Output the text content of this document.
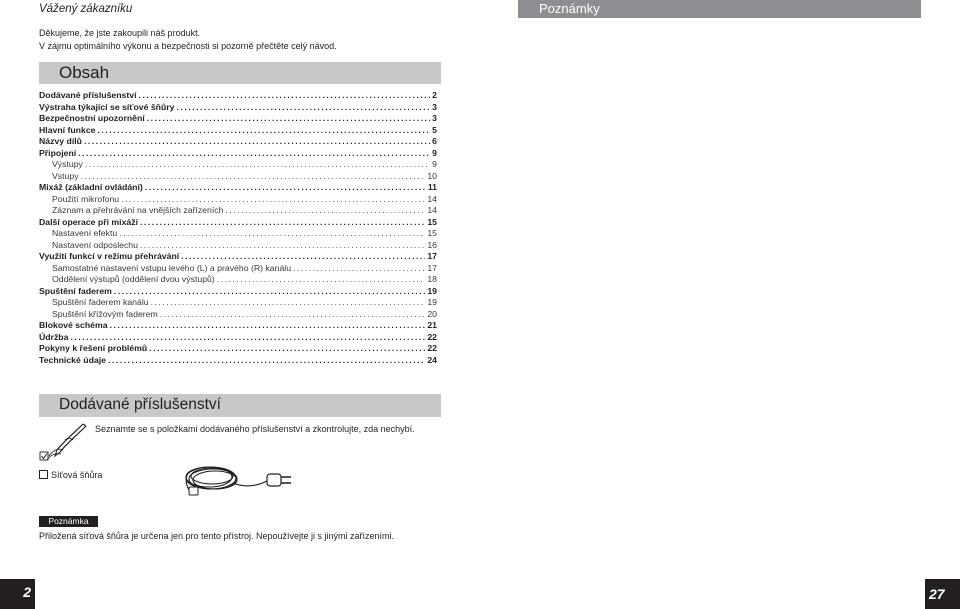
Vážený zákazníku
Děkujeme, že jste zakoupili náš produkt.
V zájmu optimálního výkonu a bezpečnosti si pozorně přečtěte celý návod.
Obsah
Dodávané příslušenství .....	2
Výstraha týkající se síťové šňůry .....	3
Bezpečnostní upozornění .....	3
Hlavní funkce .....	5
Názvy dílů .....	6
Připojení .....	9
Výstupy .....	9
Vstupy .....	10
Mixáž (základní ovládání) .....	11
Použití mikrofonu .....	14
Záznam a přehrávání na vnějších zařízeních .....	14
Další operace při mixáži .....	15
Nastavení efektu .....	15
Nastavení odposlechu .....	16
Využití funkcí v režimu přehrávání .....	17
Samostatné nastavení vstupu levého (L) a pravého (R) kanálu .....	17
Oddělení výstupů (oddělení dvou výstupů) .....	18
Spuštění faderem .....	19
Spuštění faderem kanálu .....	19
Spuštění křížovým faderem .....	20
Blokové schéma .....	21
Údržba .....	22
Pokyny k řešení problémů .....	22
Technické údaje .....	24
Dodávané příslušenství
Seznamte se s položkami dodávaného příslušenství a zkontrolujte, zda nechybí.
Síťová šňůra
Poznámka
Přiložená síťová šňůra je určena jen pro tento přístroj. Nepoužívejte ji s jinými zařízeními.
2
Poznámky
27
